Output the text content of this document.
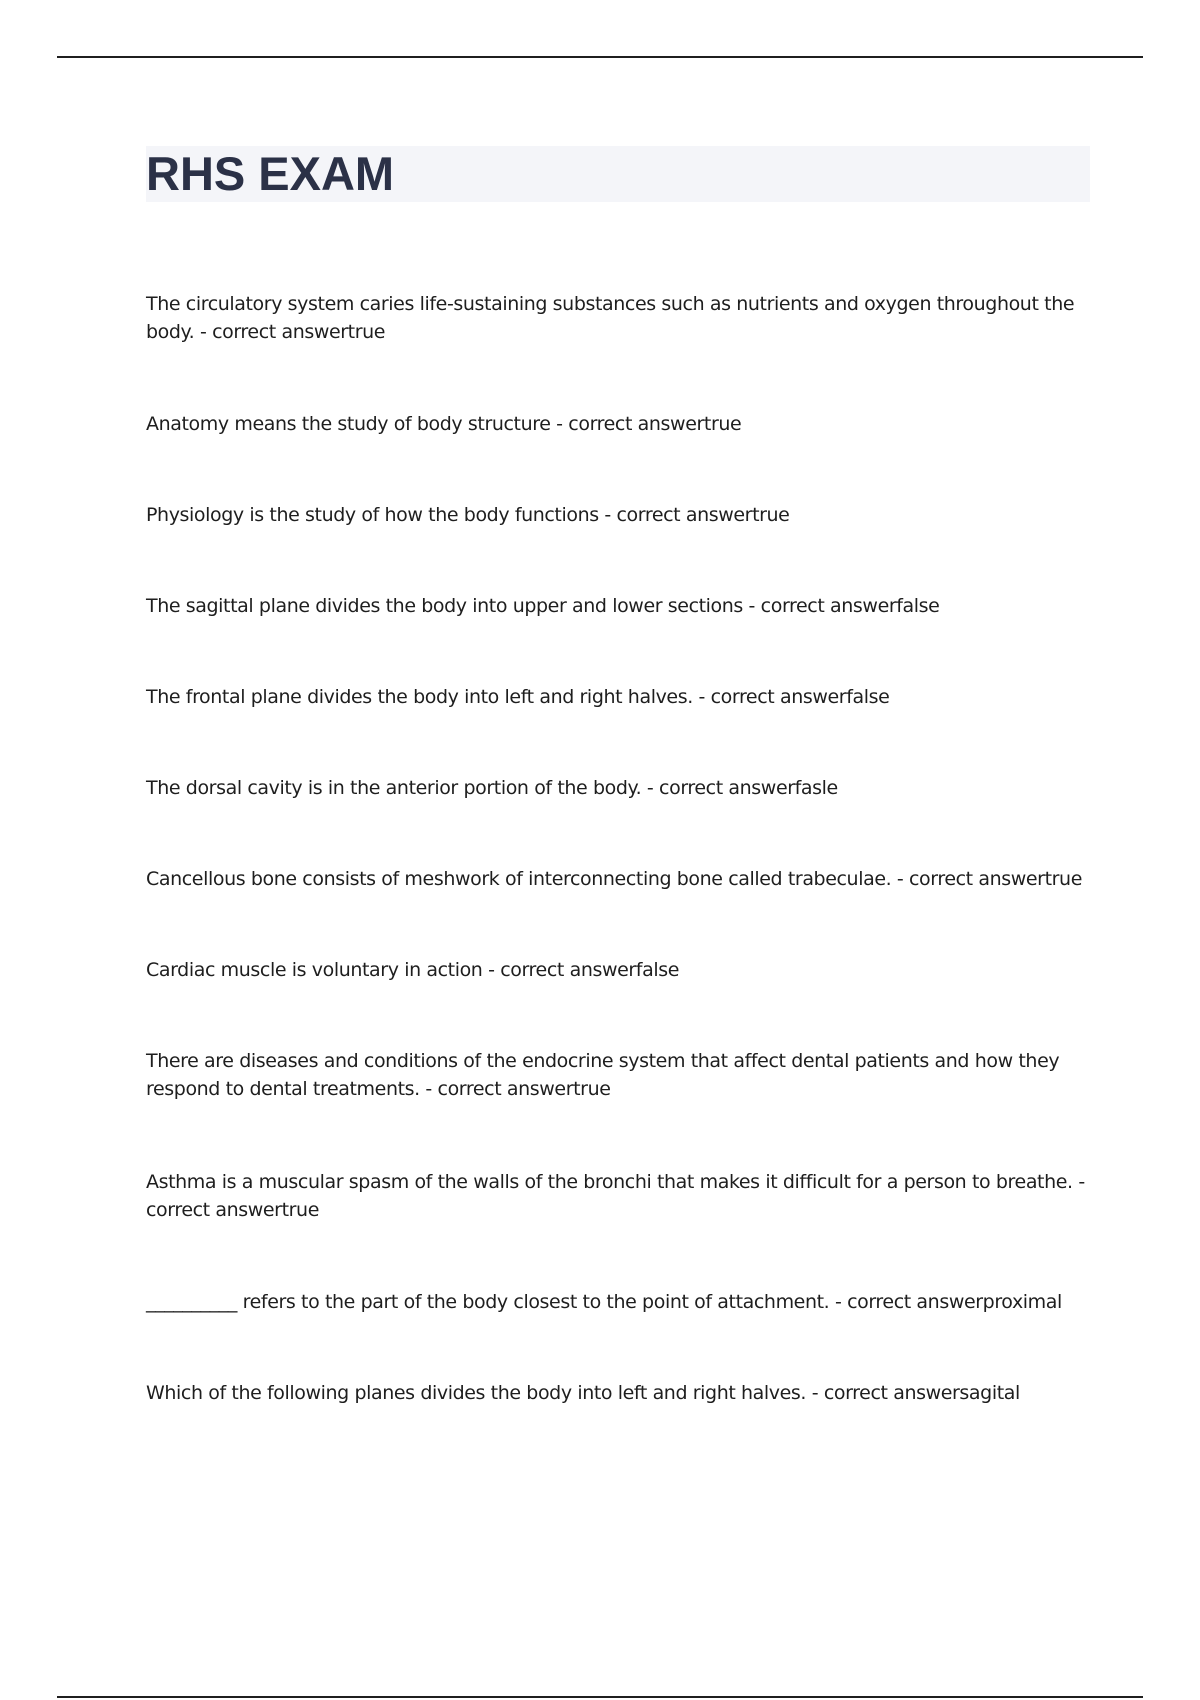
RHS EXAM
The circulatory system caries life-sustaining substances such as nutrients and oxygen throughout the body. - correct answertrue
Anatomy means the study of body structure - correct answertrue
Physiology is the study of how the body functions - correct answertrue
The sagittal plane divides the body into upper and lower sections - correct answerfalse
The frontal plane divides the body into left and right halves. - correct answerfalse
The dorsal cavity is in the anterior portion of the body. - correct answerfasle
Cancellous bone consists of meshwork of interconnecting bone called trabeculae. - correct answertrue
Cardiac muscle is voluntary in action - correct answerfalse
There are diseases and conditions of the endocrine system that affect dental patients and how they respond to dental treatments. - correct answertrue
Asthma is a muscular spasm of the walls of the bronchi that makes it difficult for a person to breathe. - correct answertrue
__________ refers to the part of the body closest to the point of attachment. - correct answerproximal
Which of the following planes divides the body into left and right halves. - correct answersagital
